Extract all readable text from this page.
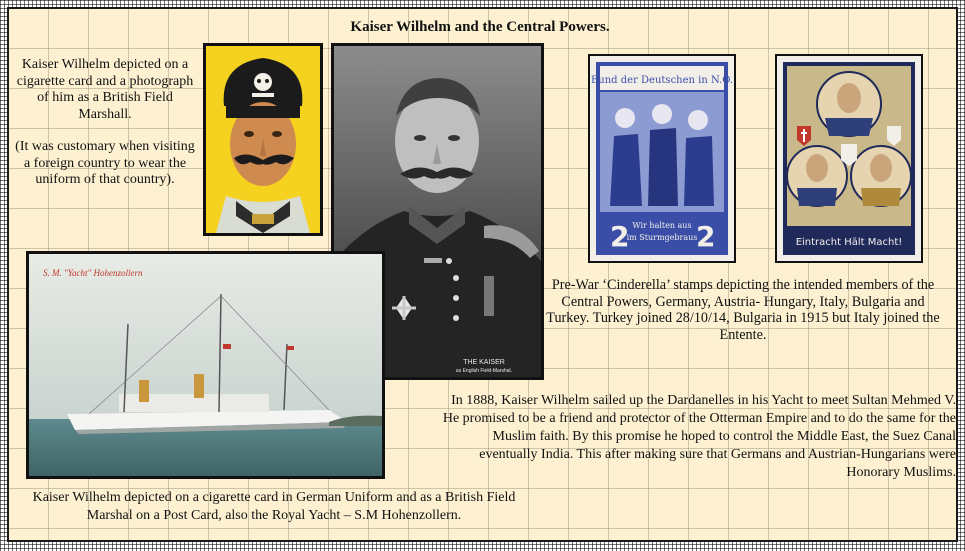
Kaiser Wilhelm and the Central Powers.
Kaiser Wilhelm depicted on a cigarette card and a photograph of him as a British Field Marshall.
(It was customary when visiting a foreign country to wear the uniform of that country).
THE KAISER
as English Field-Marshal.
S. M. "Yacht" Hohenzollern
Bund der Deutschen in N.Ö.
2 2
Wir halten aus
im Sturmgebraus	Eintracht Hält Macht!
Pre-War ‘Cinderella’ stamps depicting the intended members of the Central Powers, Germany, Austria- Hungary, Italy, Bulgaria and Turkey. Turkey joined 28/10/14, Bulgaria in 1915 but Italy joined the Entente.
In 1888, Kaiser Wilhelm sailed up the Dardanelles in his Yacht to meet Sultan Mehmed V. He promised to be a friend and protector of the Otterman Empire and to do the same for the Muslim faith. By this promise he hoped to control the Middle East, the Suez Canal eventually India. This after making sure that Germans and Austrian-Hungarians were Honorary Muslims.
Kaiser Wilhelm depicted on a cigarette card in German Uniform and as a British Field Marshal on a Post Card, also the Royal Yacht – S.M Hohenzollern.
